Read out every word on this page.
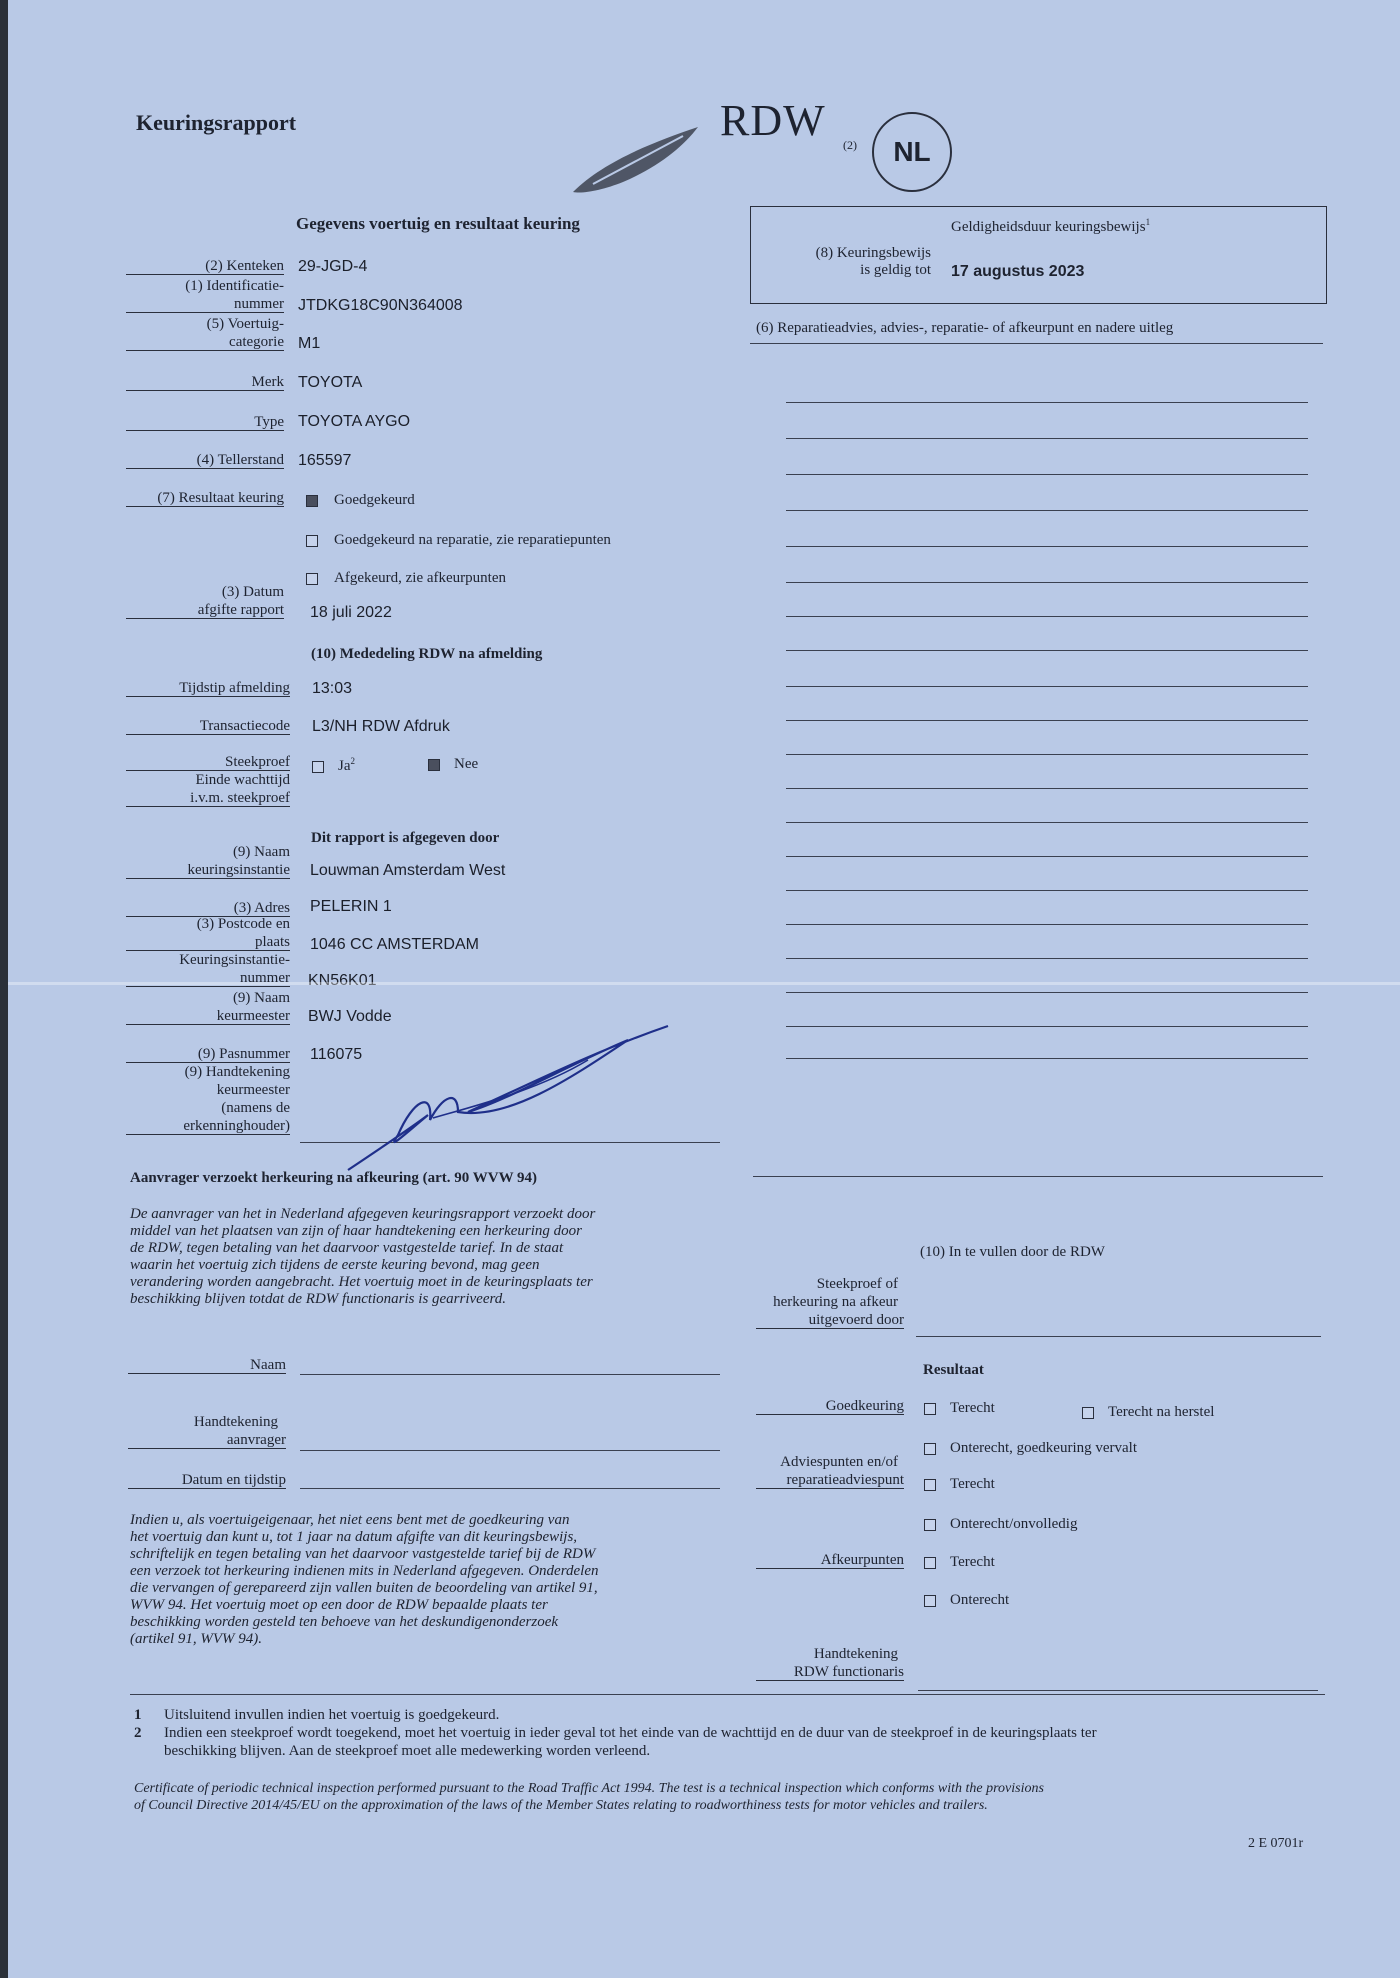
Keuringsrapport	RDW (2)	NL
Gegevens voertuig en resultaat keuring
(2) Kenteken 29-JGD-4
(1) Identificatie-
nummer JTDKG18C90N364008
(5) Voertuig-
categorie M1
Merk TOYOTA
Type TOYOTA AYGO
(4) Tellerstand 165597
(7) Resultaat keuring	Goedgekeurd
Goedgekeurd na reparatie, zie reparatiepunten
Afgekeurd, zie afkeurpunten
(3) Datum
afgifte rapport 18 juli 2022
(10) Mededeling RDW na afmelding
Tijdstip afmelding 13:03
Transactiecode L3/NH RDW Afdruk
Steekproef	Ja$^2$	Nee
Einde wachttijd
i.v.m. steekproef
Dit rapport is afgegeven door
(9) Naam
keuringsinstantie Louwman Amsterdam West
(3) Adres PELERIN 1
(3) Postcode en
plaats 1046 CC AMSTERDAM
Keuringsinstantie-
nummer KN56K01
(9) Naam
keurmeester BWJ Vodde
(9) Pasnummer 116075
(9) Handtekening
keurmeester
(namens de
erkenninghouder)
Geldigheidsduur keuringsbewijs$^1$
(8) Keuringsbewijs
is geldig tot 17 augustus 2023
(6) Reparatieadvies, advies-, reparatie- of afkeurpunt en nadere uitleg
Aanvrager verzoekt herkeuring na afkeuring (art. 90 WVW 94)
De aanvrager van het in Nederland afgegeven keuringsrapport verzoekt door
middel van het plaatsen van zijn of haar handtekening een herkeuring door
de RDW, tegen betaling van het daarvoor vastgestelde tarief. In de staat
waarin het voertuig zich tijdens de eerste keuring bevond, mag geen
verandering worden aangebracht. Het voertuig moet in de keuringsplaats ter
beschikking blijven totdat de RDW functionaris is gearriveerd.
Naam
Handtekening
aanvrager
Datum en tijdstip
Indien u, als voertuigeigenaar, het niet eens bent met de goedkeuring van
het voertuig dan kunt u, tot 1 jaar na datum afgifte van dit keuringsbewijs,
schriftelijk en tegen betaling van het daarvoor vastgestelde tarief bij de RDW
een verzoek tot herkeuring indienen mits in Nederland afgegeven. Onderdelen
die vervangen of gerepareerd zijn vallen buiten de beoordeling van artikel 91,
WVW 94. Het voertuig moet op een door de RDW bepaalde plaats ter
beschikking worden gesteld ten behoeve van het deskundigenonderzoek
(artikel 91, WVW 94).
(10) In te vullen door de RDW
Steekproef of
herkeuring na afkeur
uitgevoerd door
Resultaat
Goedkeuring	Terecht	Terecht na herstel
Onterecht, goedkeuring vervalt
Adviespunten en/of
reparatieadviespunt	Terecht
Onterecht/onvolledig
Afkeurpunten	Terecht
Onterecht
Handtekening
RDW functionaris
1 Uitsluitend invullen indien het voertuig is goedgekeurd.
2 Indien een steekproef wordt toegekend, moet het voertuig in ieder geval tot het einde van de wachttijd en de duur van de steekproef in de keuringsplaats ter
beschikking blijven. Aan de steekproef moet alle medewerking worden verleend.
Certificate of periodic technical inspection performed pursuant to the Road Traffic Act 1994. The test is a technical inspection which conforms with the provisions
of Council Directive 2014/45/EU on the approximation of the laws of the Member States relating to roadworthiness tests for motor vehicles and trailers.
2 E 0701r
